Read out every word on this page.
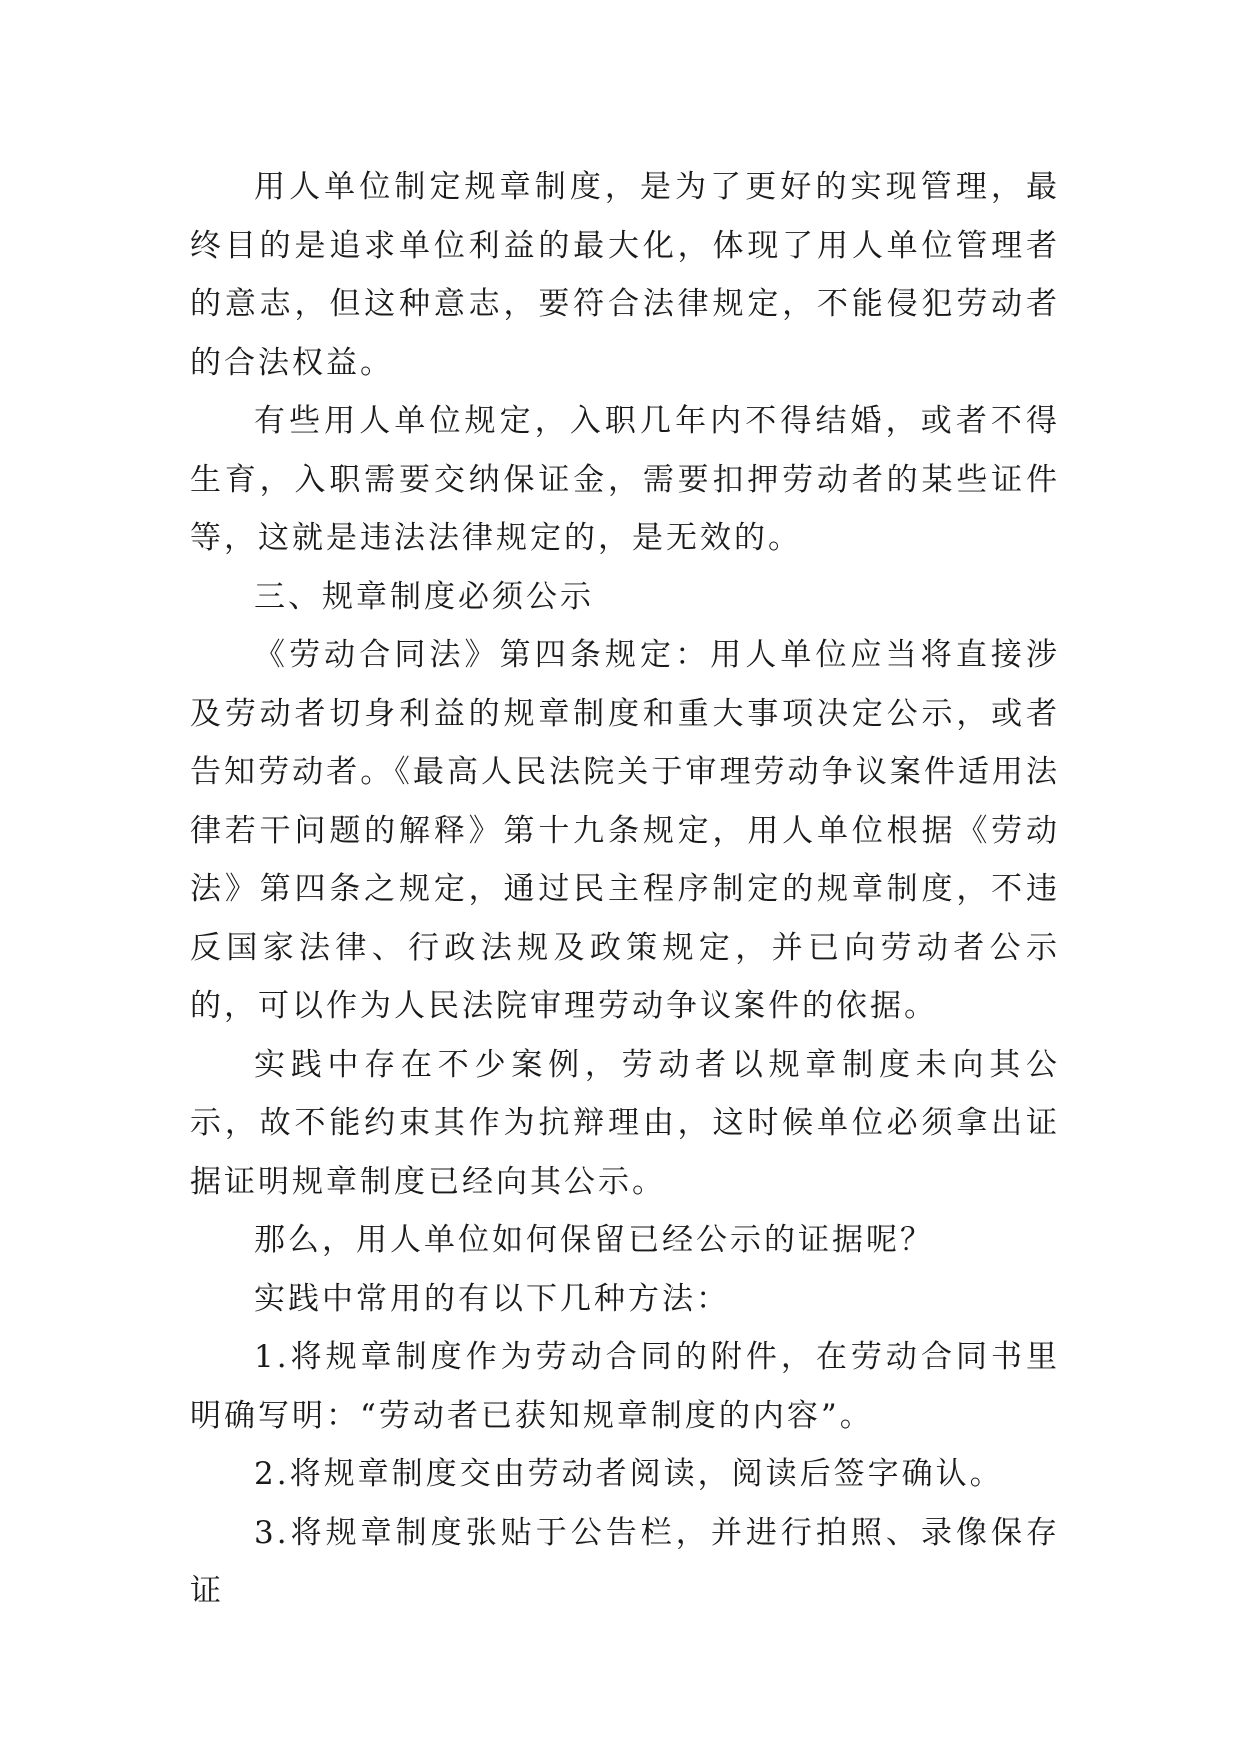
用人单位制定规章制度，是为了更好的实现管理，最终目的是追求单位利益的最大化，体现了用人单位管理者的意志，但这种意志，要符合法律规定，不能侵犯劳动者的合法权益。

有些用人单位规定，入职几年内不得结婚，或者不得生育，入职需要交纳保证金，需要扣押劳动者的某些证件等，这就是违法法律规定的，是无效的。

三、规章制度必须公示

《劳动合同法》第四条规定：用人单位应当将直接涉及劳动者切身利益的规章制度和重大事项决定公示，或者告知劳动者。《最高人民法院关于审理劳动争议案件适用法律若干问题的解释》第十九条规定，用人单位根据《劳动法》第四条之规定，通过民主程序制定的规章制度，不违反国家法律、行政法规及政策规定，并已向劳动者公示的，可以作为人民法院审理劳动争议案件的依据。

实践中存在不少案例，劳动者以规章制度未向其公示，故不能约束其作为抗辩理由，这时候单位必须拿出证据证明规章制度已经向其公示。

那么，用人单位如何保留已经公示的证据呢？

实践中常用的有以下几种方法：

1.将规章制度作为劳动合同的附件，在劳动合同书里明确写明：“劳动者已获知规章制度的内容”。

2.将规章制度交由劳动者阅读，阅读后签字确认。

3.将规章制度张贴于公告栏，并进行拍照、录像保存证
